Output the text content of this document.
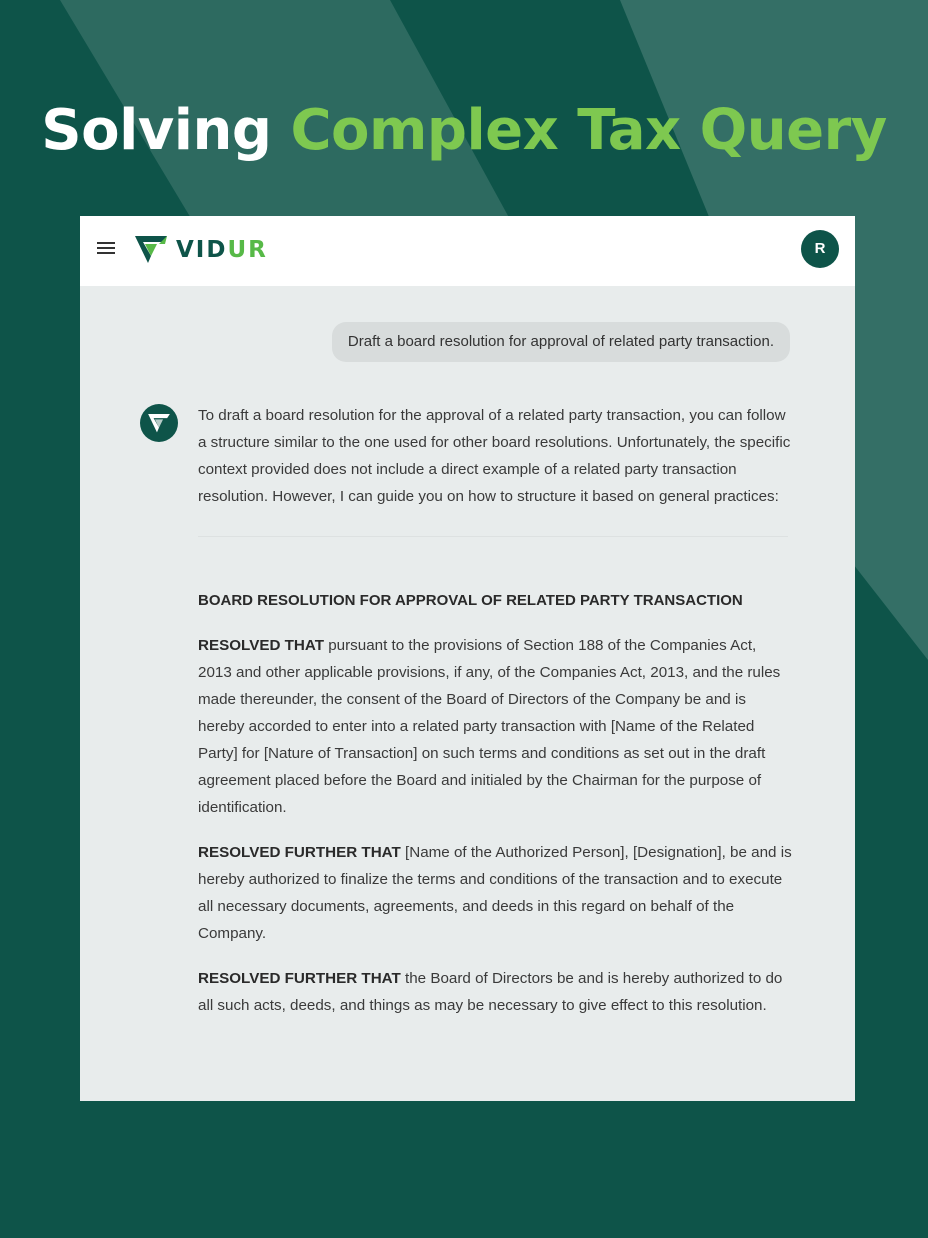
Solving Complex Tax Query
VIDUR	R
Draft a board resolution for approval of related party transaction.

To draft a board resolution for the approval of a related party transaction, you can follow a structure similar to the one used for other board resolutions. Unfortunately, the specific context provided does not include a direct example of a related party transaction resolution. However, I can guide you on how to structure it based on general practices:

BOARD RESOLUTION FOR APPROVAL OF RELATED PARTY TRANSACTION

RESOLVED THAT pursuant to the provisions of Section 188 of the Companies Act, 2013 and other applicable provisions, if any, of the Companies Act, 2013, and the rules made thereunder, the consent of the Board of Directors of the Company be and is hereby accorded to enter into a related party transaction with [Name of the Related Party] for [Nature of Transaction] on such terms and conditions as set out in the draft agreement placed before the Board and initialed by the Chairman for the purpose of identification.

RESOLVED FURTHER THAT [Name of the Authorized Person], [Designation], be and is hereby authorized to finalize the terms and conditions of the transaction and to execute all necessary documents, agreements, and deeds in this regard on behalf of the Company.

RESOLVED FURTHER THAT the Board of Directors be and is hereby authorized to do all such acts, deeds, and things as may be necessary to give effect to this resolution.
